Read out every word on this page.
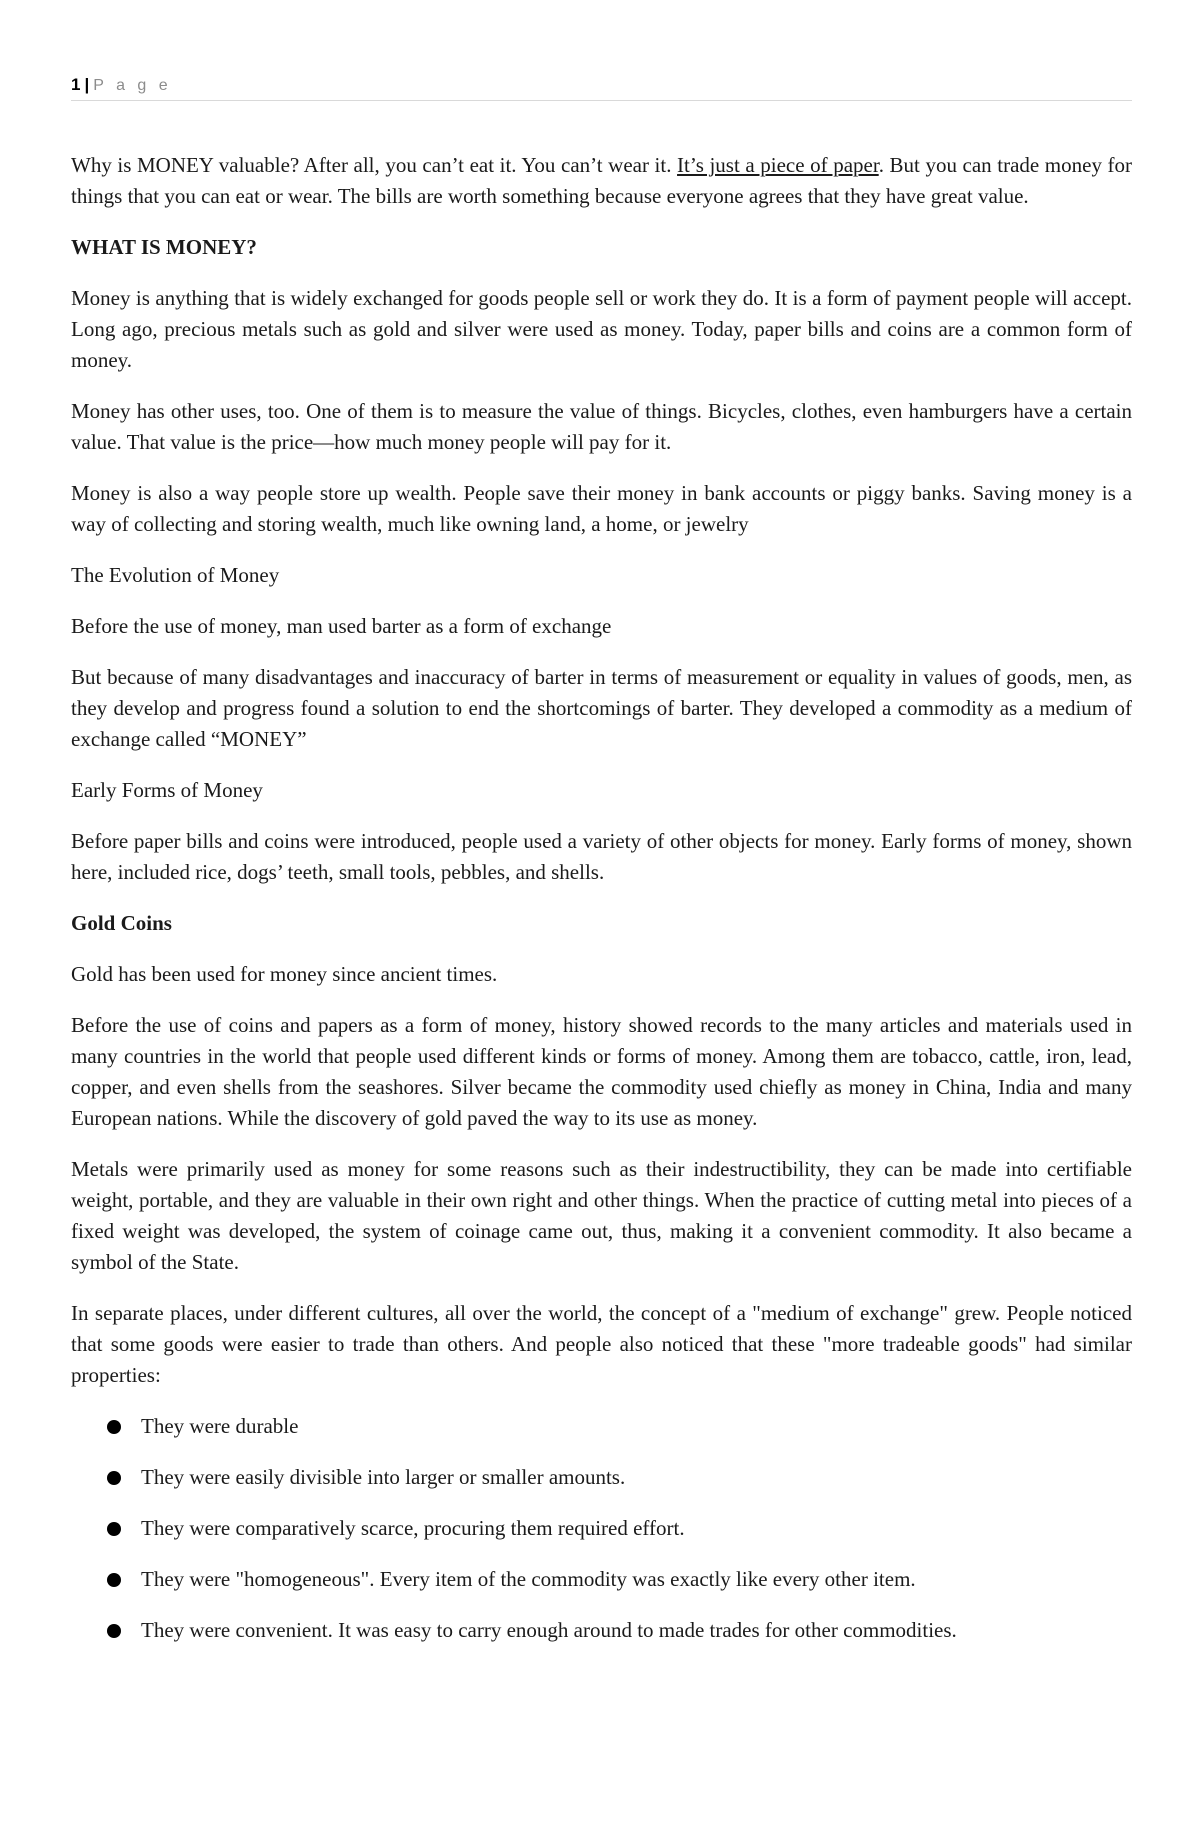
1 | P a g e

Why is MONEY valuable? After all, you can’t eat it. You can’t wear it. It’s just a piece of paper. But you can trade money for things that you can eat or wear. The bills are worth something because everyone agrees that they have great value.

WHAT IS MONEY?

Money is anything that is widely exchanged for goods people sell or work they do. It is a form of payment people will accept. Long ago, precious metals such as gold and silver were used as money. Today, paper bills and coins are a common form of money.

Money has other uses, too. One of them is to measure the value of things. Bicycles, clothes, even hamburgers have a certain value. That value is the price—how much money people will pay for it.

Money is also a way people store up wealth. People save their money in bank accounts or piggy banks. Saving money is a way of collecting and storing wealth, much like owning land, a home, or jewelry

The Evolution of Money

Before the use of money, man used barter as a form of exchange

But because of many disadvantages and inaccuracy of barter in terms of measurement or equality in values of goods, men, as they develop and progress found a solution to end the shortcomings of barter. They developed a commodity as a medium of exchange called “MONEY”

Early Forms of Money

Before paper bills and coins were introduced, people used a variety of other objects for money. Early forms of money, shown here, included rice, dogs’ teeth, small tools, pebbles, and shells.

Gold Coins

Gold has been used for money since ancient times.

Before the use of coins and papers as a form of money, history showed records to the many articles and materials used in many countries in the world that people used different kinds or forms of money. Among them are tobacco, cattle, iron, lead, copper, and even shells from the seashores. Silver became the commodity used chiefly as money in China, India and many European nations. While the discovery of gold paved the way to its use as money.

Metals were primarily used as money for some reasons such as their indestructibility, they can be made into certifiable weight, portable, and they are valuable in their own right and other things. When the practice of cutting metal into pieces of a fixed weight was developed, the system of coinage came out, thus, making it a convenient commodity. It also became a symbol of the State.

In separate places, under different cultures, all over the world, the concept of a "medium of exchange" grew. People noticed that some goods were easier to trade than others. And people also noticed that these "more tradeable goods" had similar properties:

They were durable
They were easily divisible into larger or smaller amounts.
They were comparatively scarce, procuring them required effort.
They were "homogeneous". Every item of the commodity was exactly like every other item.
They were convenient. It was easy to carry enough around to made trades for other commodities.
